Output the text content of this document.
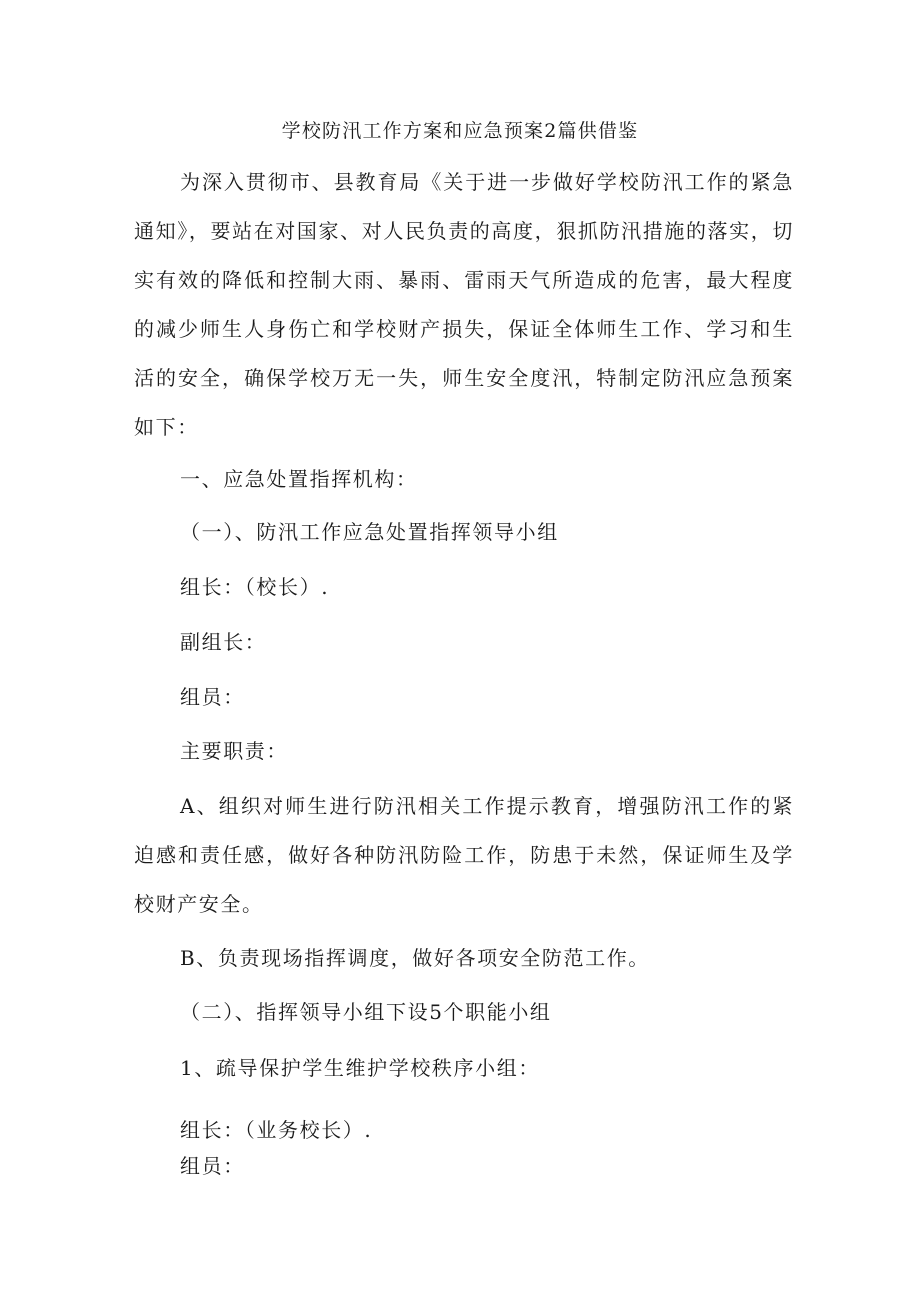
学校防汛工作方案和应急预案2篇供借鉴
为深入贯彻市、县教育局《关于进一步做好学校防汛工作的紧急通知》，要站在对国家、对人民负责的高度，狠抓防汛措施的落实，切实有效的降低和控制大雨、暴雨、雷雨天气所造成的危害，最大程度的减少师生人身伤亡和学校财产损失，保证全体师生工作、学习和生活的安全，确保学校万无一失，师生安全度汛，特制定防汛应急预案如下：
一、应急处置指挥机构：
（一）、防汛工作应急处置指挥领导小组
组长：（校长）.
副组长：
组员：
主要职责：
A、组织对师生进行防汛相关工作提示教育，增强防汛工作的紧迫感和责任感，做好各种防汛防险工作，防患于未然，保证师生及学校财产安全。
B、负责现场指挥调度，做好各项安全防范工作。
（二）、指挥领导小组下设5个职能小组
1、疏导保护学生维护学校秩序小组：
组长：（业务校长）.
组员：
